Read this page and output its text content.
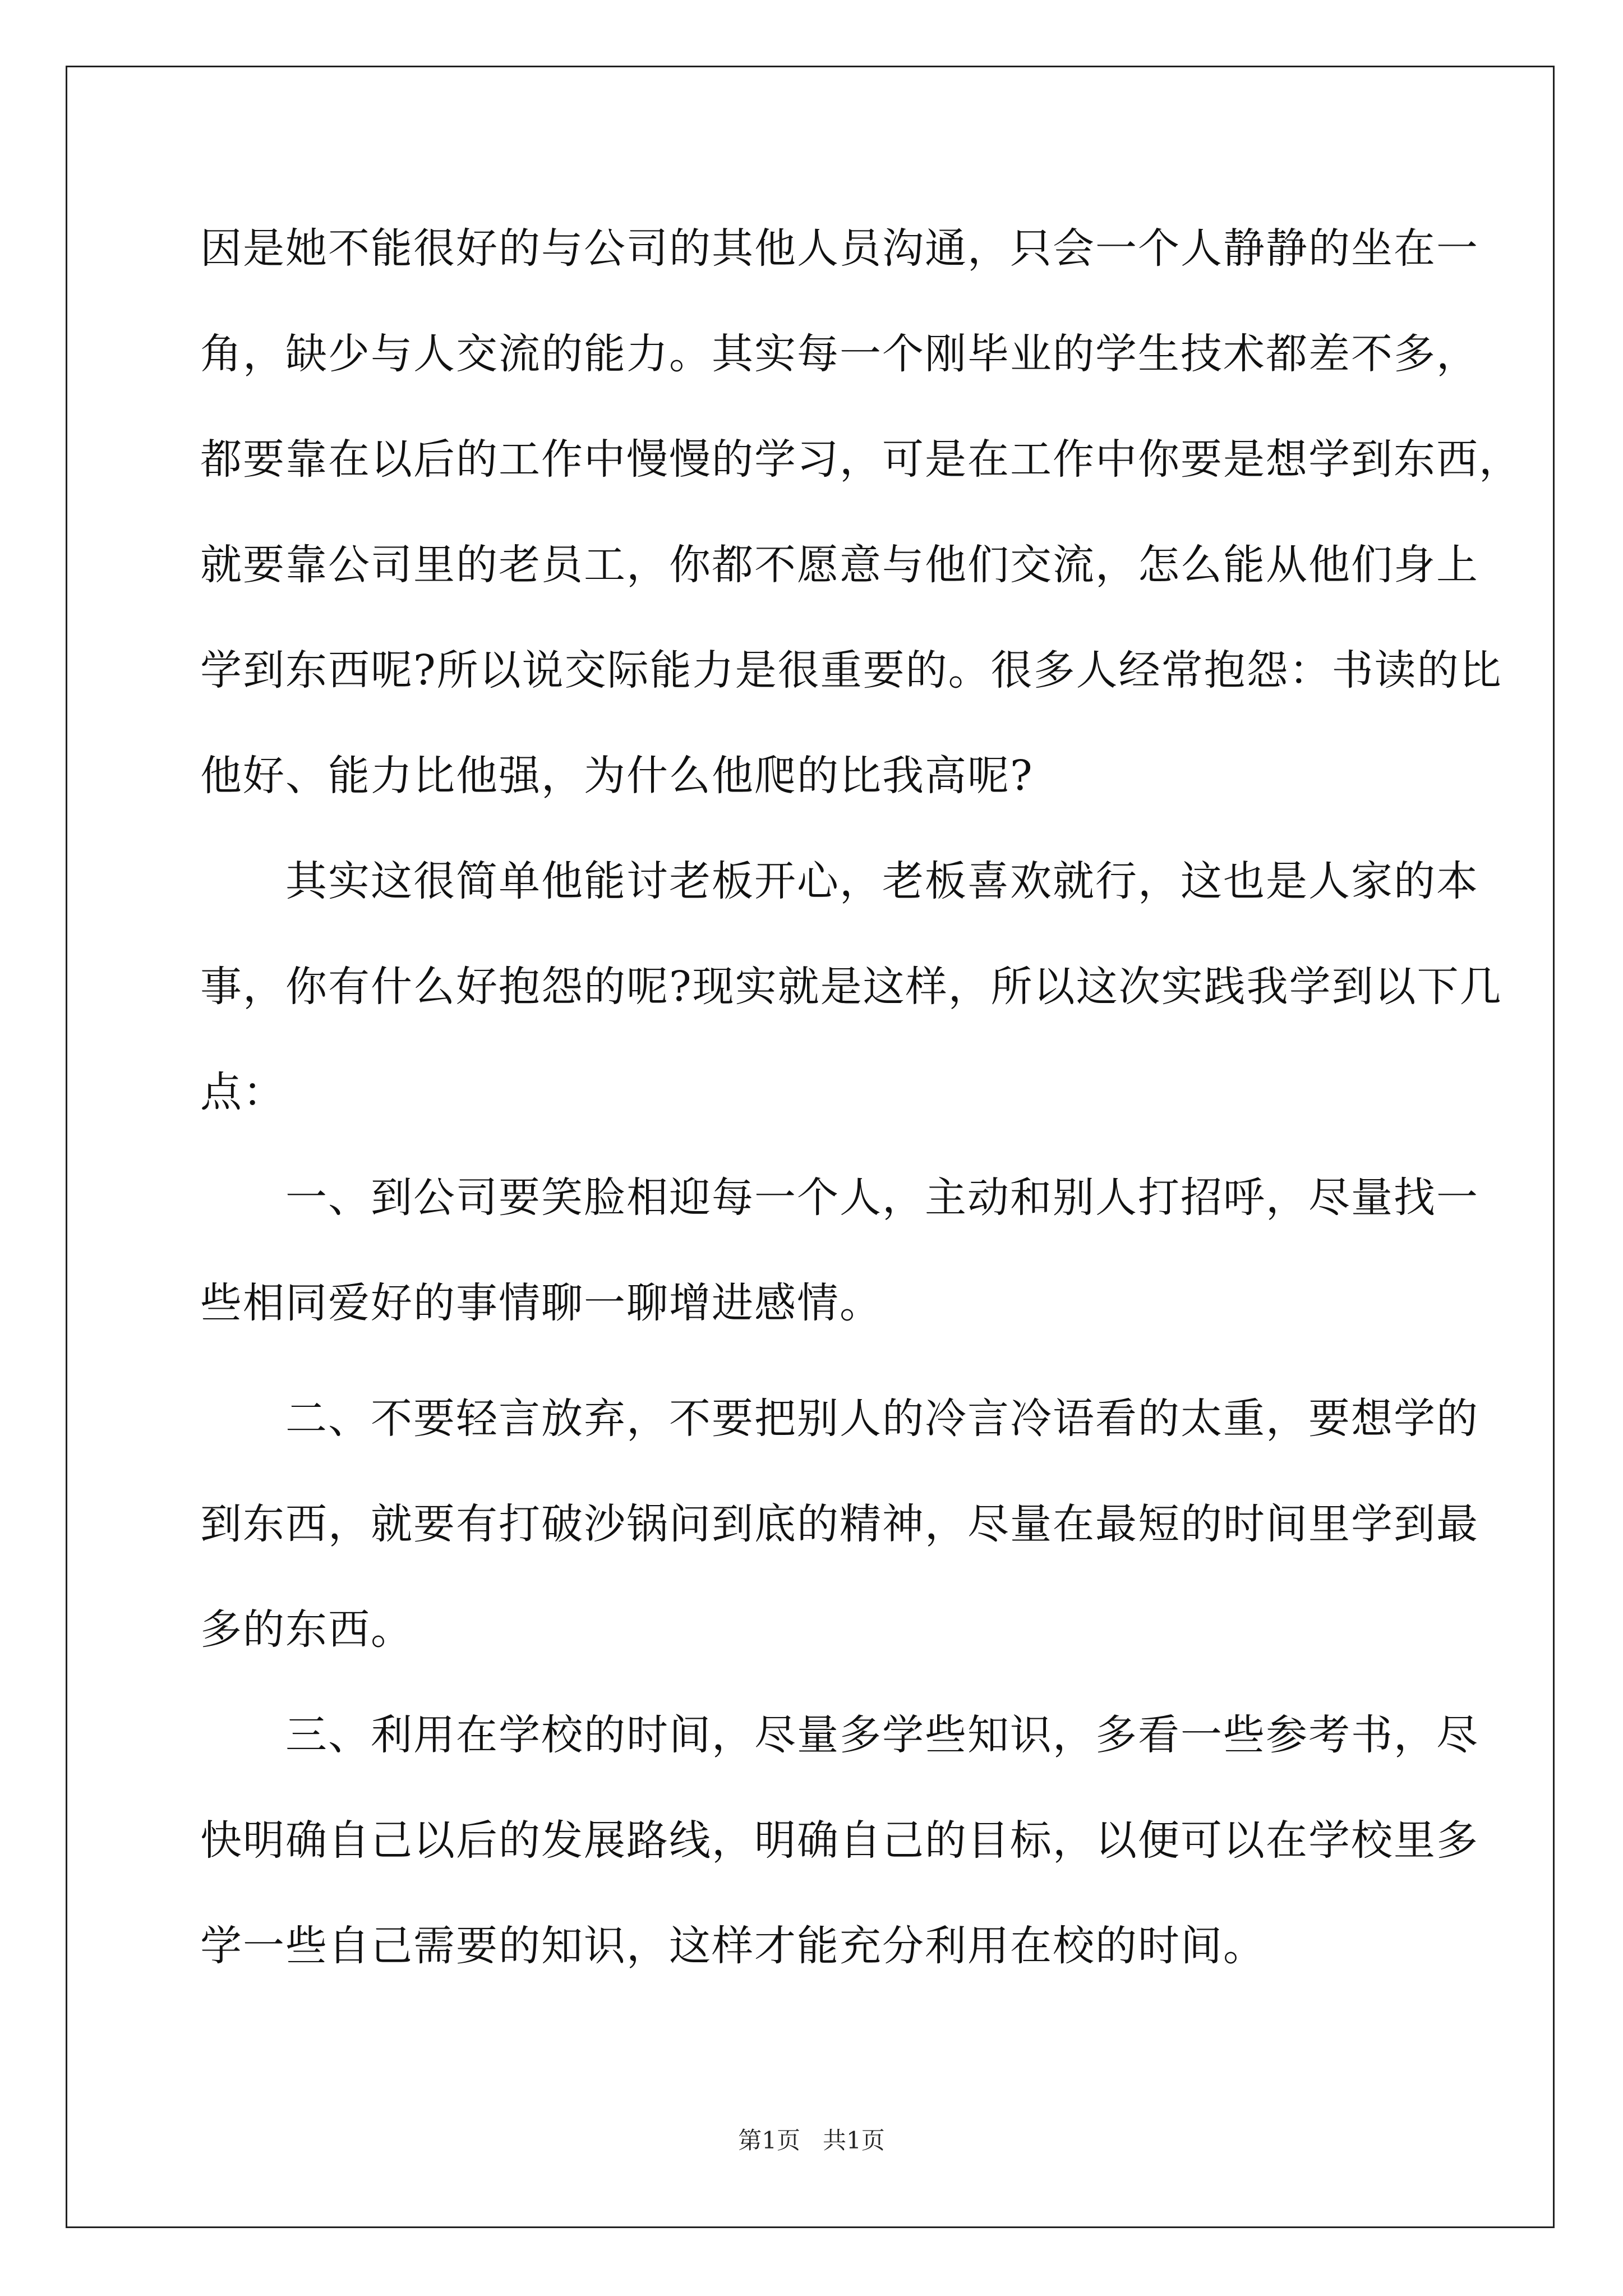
因是她不能很好的与公司的其他人员沟通，只会一个人静静的坐在一
角，缺少与人交流的能力。其实每一个刚毕业的学生技术都差不多，
都要靠在以后的工作中慢慢的学习，可是在工作中你要是想学到东西，
就要靠公司里的老员工，你都不愿意与他们交流，怎么能从他们身上
学到东西呢?所以说交际能力是很重要的。很多人经常抱怨：书读的比
他好、能力比他强，为什么他爬的比我高呢?
　　其实这很简单他能讨老板开心，老板喜欢就行，这也是人家的本
事，你有什么好抱怨的呢?现实就是这样，所以这次实践我学到以下几
点：
　　一、到公司要笑脸相迎每一个人，主动和别人打招呼，尽量找一
些相同爱好的事情聊一聊增进感情。
　　二、不要轻言放弃，不要把别人的冷言冷语看的太重，要想学的
到东西，就要有打破沙锅问到底的精神，尽量在最短的时间里学到最
多的东西。
　　三、利用在学校的时间，尽量多学些知识，多看一些参考书，尽
快明确自己以后的发展路线，明确自己的目标，以便可以在学校里多
学一些自己需要的知识，这样才能充分利用在校的时间。
第1页   共1页
